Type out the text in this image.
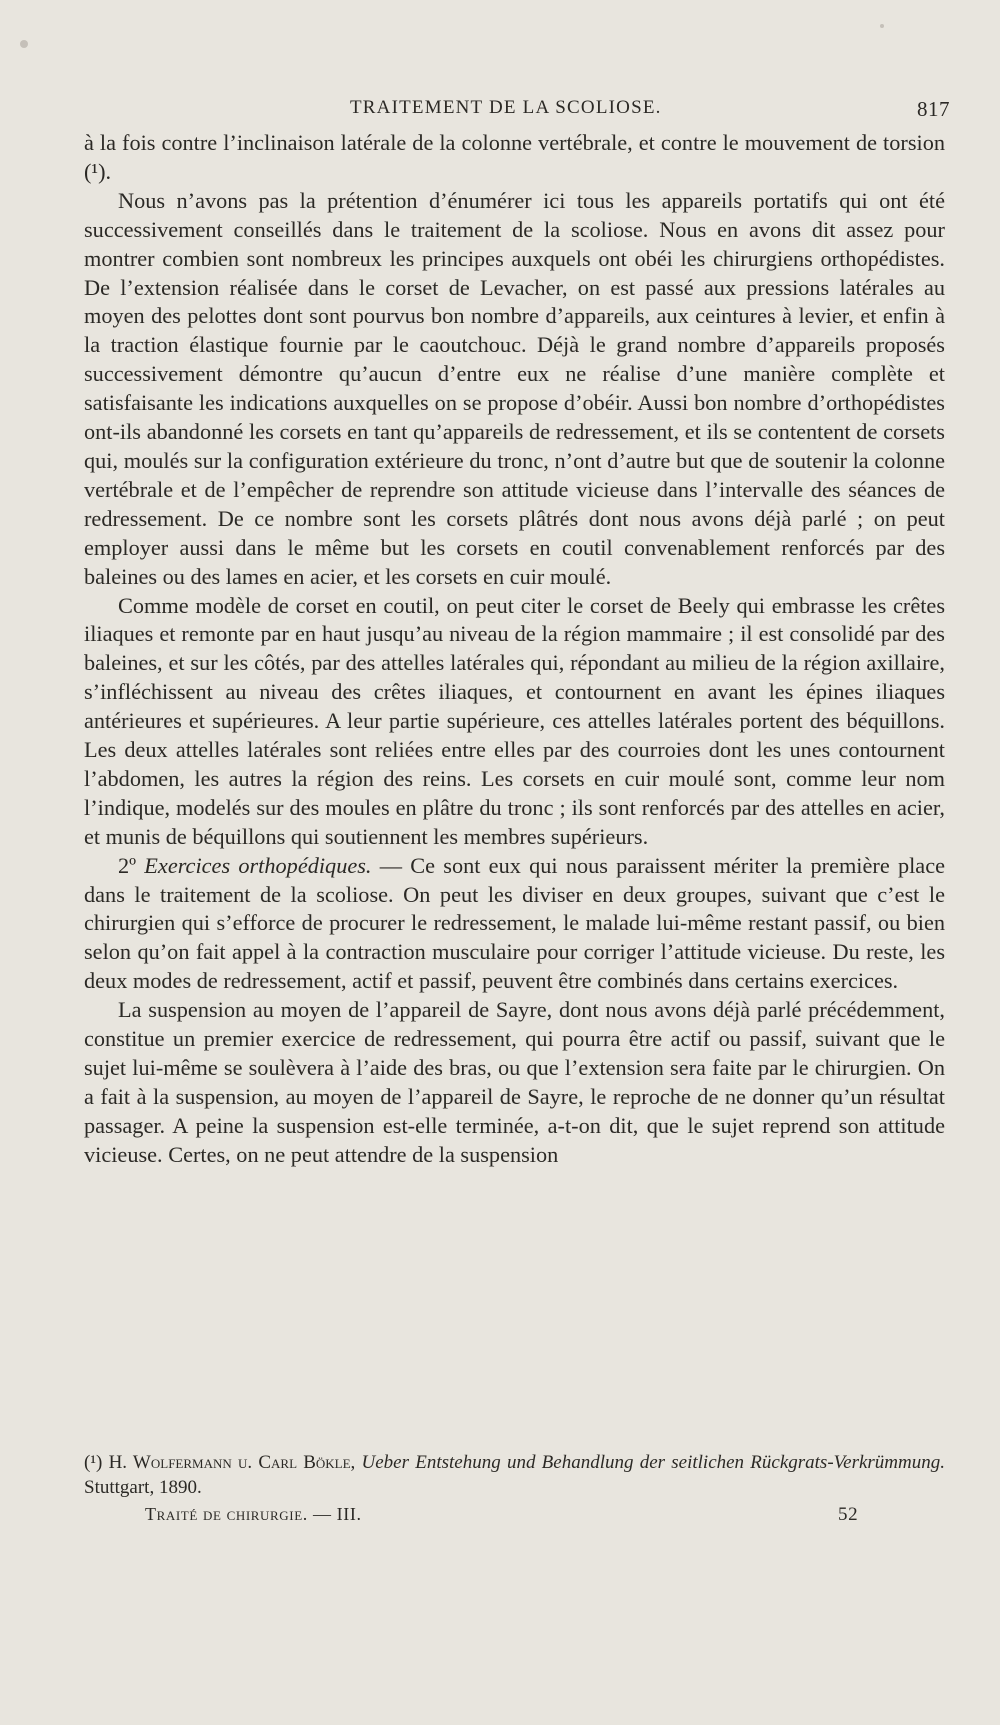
TRAITEMENT DE LA SCOLIOSE.	817

à la fois contre l’inclinaison latérale de la colonne vertébrale, et contre le mouvement de torsion (¹).

Nous n’avons pas la prétention d’énumérer ici tous les appareils portatifs qui ont été successivement conseillés dans le traitement de la scoliose. Nous en avons dit assez pour montrer combien sont nombreux les principes auxquels ont obéi les chirurgiens orthopédistes. De l’extension réalisée dans le corset de Levacher, on est passé aux pressions latérales au moyen des pelottes dont sont pourvus bon nombre d’appareils, aux ceintures à levier, et enfin à la traction élastique fournie par le caoutchouc. Déjà le grand nombre d’appareils proposés successivement démontre qu’aucun d’entre eux ne réalise d’une manière complète et satisfaisante les indications auxquelles on se propose d’obéir. Aussi bon nombre d’orthopédistes ont-ils abandonné les corsets en tant qu’appareils de redressement, et ils se contentent de corsets qui, moulés sur la configuration extérieure du tronc, n’ont d’autre but que de soutenir la colonne vertébrale et de l’empêcher de reprendre son attitude vicieuse dans l’intervalle des séances de redressement. De ce nombre sont les corsets plâtrés dont nous avons déjà parlé ; on peut employer aussi dans le même but les corsets en coutil convenablement renforcés par des baleines ou des lames en acier, et les corsets en cuir moulé.

Comme modèle de corset en coutil, on peut citer le corset de Beely qui embrasse les crêtes iliaques et remonte par en haut jusqu’au niveau de la région mammaire ; il est consolidé par des baleines, et sur les côtés, par des attelles latérales qui, répondant au milieu de la région axillaire, s’infléchissent au niveau des crêtes iliaques, et contournent en avant les épines iliaques antérieures et supérieures. A leur partie supérieure, ces attelles latérales portent des béquillons. Les deux attelles latérales sont reliées entre elles par des courroies dont les unes contournent l’abdomen, les autres la région des reins. Les corsets en cuir moulé sont, comme leur nom l’indique, modelés sur des moules en plâtre du tronc ; ils sont renforcés par des attelles en acier, et munis de béquillons qui soutiennent les membres supérieurs.

2º Exercices orthopédiques. — Ce sont eux qui nous paraissent mériter la première place dans le traitement de la scoliose. On peut les diviser en deux groupes, suivant que c’est le chirurgien qui s’efforce de procurer le redressement, le malade lui-même restant passif, ou bien selon qu’on fait appel à la contraction musculaire pour corriger l’attitude vicieuse. Du reste, les deux modes de redressement, actif et passif, peuvent être combinés dans certains exercices.

La suspension au moyen de l’appareil de Sayre, dont nous avons déjà parlé précédemment, constitue un premier exercice de redressement, qui pourra être actif ou passif, suivant que le sujet lui-même se soulèvera à l’aide des bras, ou que l’extension sera faite par le chirurgien. On a fait à la suspension, au moyen de l’appareil de Sayre, le reproche de ne donner qu’un résultat passager. A peine la suspension est-elle terminée, a-t-on dit, que le sujet reprend son attitude vicieuse. Certes, on ne peut attendre de la suspension

(¹) H. Wolfermann u. Carl Bökle, Ueber Entstehung und Behandlung der seitlichen Rückgrats-Verkrümmung. Stuttgart, 1890.
Traité de chirurgie. — III.	52
